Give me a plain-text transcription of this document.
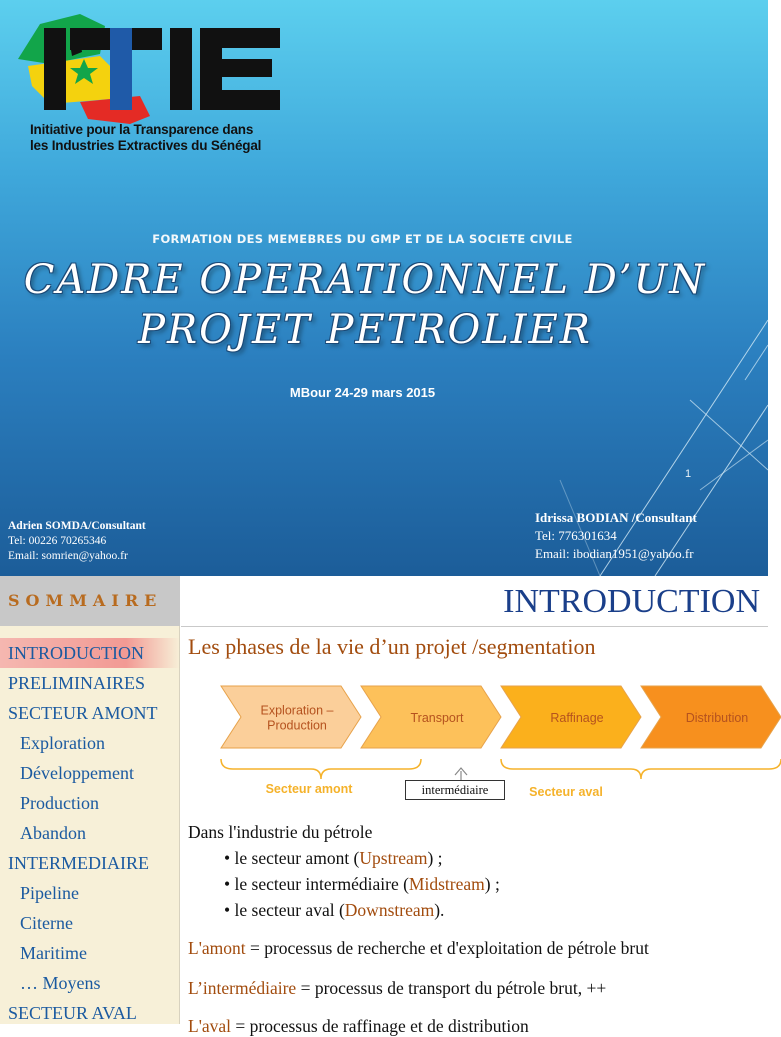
Initiative pour la Transparence dans
les Industries Extractives du Sénégal
FORMATION DES MEMEBRES DU GMP ET DE LA SOCIETE CIVILE
CADRE OPERATIONNEL D’UN
PROJET PETROLIER
MBour 24-29 mars 2015
1
Adrien SOMDA/Consultant
Tel: 00226 70265346
Email: somrien@yahoo.fr
Idrissa BODIAN /Consultant
Tel: 776301634
Email: ibodian1951@yahoo.fr
SOMMAIRE
INTRODUCTION
PRELIMINAIRES
SECTEUR AMONT
Exploration
Développement
Production
Abandon
INTERMEDIAIRE
Pipeline
Citerne
Maritime
… Moyens
SECTEUR AVAL
INTRODUCTION
Les phases de la vie d’un projet /segmentation
Exploration –
Production
Transport	Raffinage	Distribution
Secteur amont	Secteur aval
intermédiaire
Dans l'industrie du pétrole
• le secteur amont (Upstream) ;
• le secteur intermédiaire (Midstream) ;
• le secteur aval (Downstream).
L'amont = processus de recherche et d'exploitation de pétrole brut
L’intermédiaire = processus de transport du pétrole brut, ++
L'aval = processus de raffinage et de distribution
